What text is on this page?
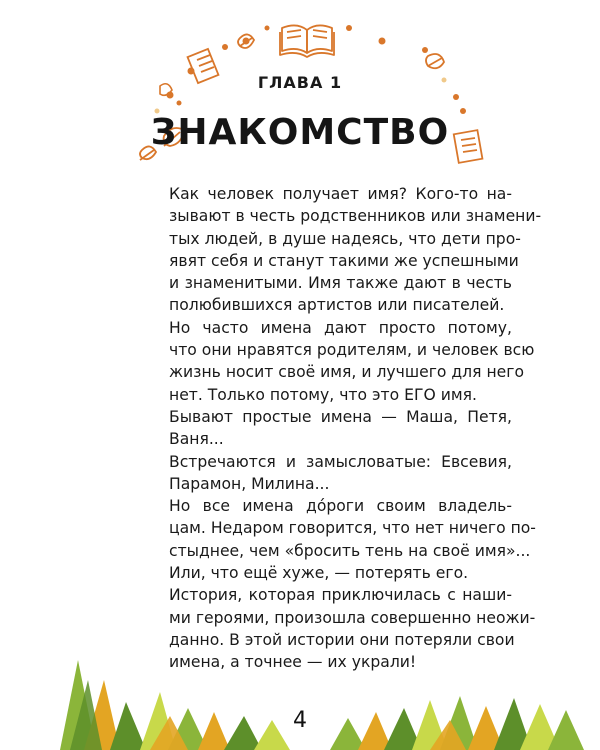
ГЛАВА 1
ЗНАКОМСТВО

Как человек получает имя? Кого-то на-
зывают в честь родственников или знамени-
тых людей, в душе надеясь, что дети про-
явят себя и станут такими же успешными
и знаменитыми. Имя также дают в честь
полюбившихся артистов или писателей.

Но часто имена дают просто потому,
что они нравятся родителям, и человек всю
жизнь носит своё имя, и лучшего для него
нет. Только потому, что это ЕГО имя.

Бывают простые имена — Маша, Петя,
Ваня...

Встречаются и замысловатые: Евсевия,
Парамон, Милина...

Но все имена до́роги своим владель-
цам. Недаром говорится, что нет ничего по-
стыднее, чем «бросить тень на своё имя»...
Или, что ещё хуже, — потерять его.

История, которая приключилась с наши-
ми героями, произошла совершенно неожи-
данно. В этой истории они потеряли свои
имена, а точнее — их украли!

4
